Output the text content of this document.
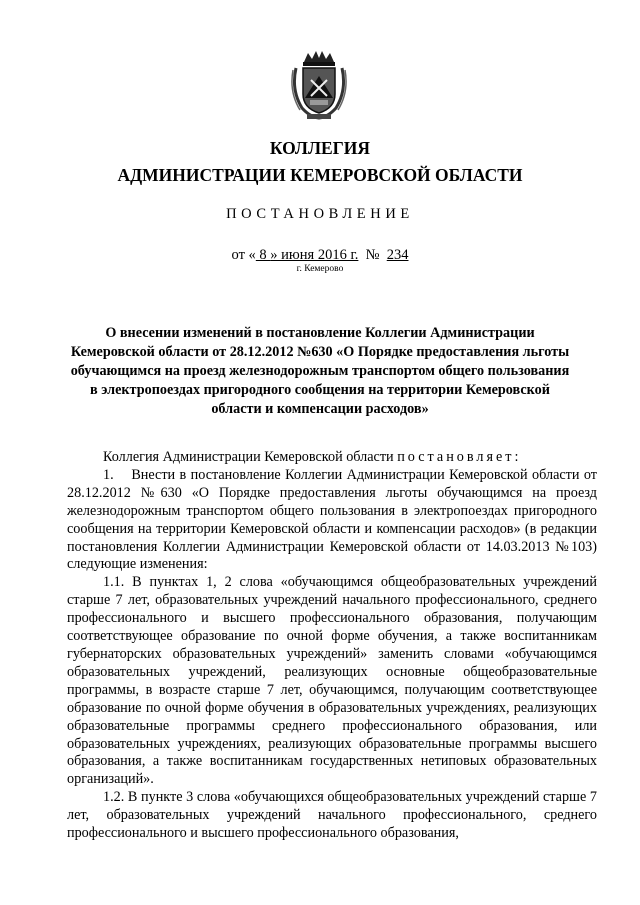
КОЛЛЕГИЯ
АДМИНИСТРАЦИИ КЕМЕРОВСКОЙ ОБЛАСТИ
ПОСТАНОВЛЕНИЕ
от « 8 » июня 2016 г. № 234
г. Кемерово
О внесении изменений в постановление Коллегии Администрации Кемеровской области от 28.12.2012 №630 «О Порядке предоставления льготы обучающимся на проезд железнодорожным транспортом общего пользования в электропоездах пригородного сообщения на территории Кемеровской области и компенсации расходов»

Коллегия Администрации Кемеровской области постановляет:

1.    Внести в постановление Коллегии Администрации Кемеровской области от 28.12.2012 №630 «О Порядке предоставления льготы обучающимся на проезд железнодорожным транспортом общего пользования в электропоездах пригородного сообщения на территории Кемеровской области и компенсации расходов» (в редакции постановления Коллегии Администрации Кемеровской области от 14.03.2013 №103) следующие изменения:

1.1. В пунктах 1, 2 слова «обучающимся общеобразовательных учреждений старше 7 лет, образовательных учреждений начального профессионального, среднего профессионального и высшего профессионального образования, получающим соответствующее образование по очной форме обучения, а также воспитанникам губернаторских образовательных учреждений» заменить словами «обучающимся образовательных учреждений, реализующих основные общеобразовательные программы, в возрасте старше 7 лет, обучающимся, получающим соответствующее образование по очной форме обучения в образовательных учреждениях, реализующих образовательные программы среднего профессионального образования, или образовательных учреждениях, реализующих образовательные программы высшего образования, а также воспитанникам государственных нетиповых образовательных организаций».

1.2. В пункте 3 слова «обучающихся общеобразовательных учреждений старше 7 лет, образовательных учреждений начального профессионального, среднего профессионального и высшего профессионального образования,
